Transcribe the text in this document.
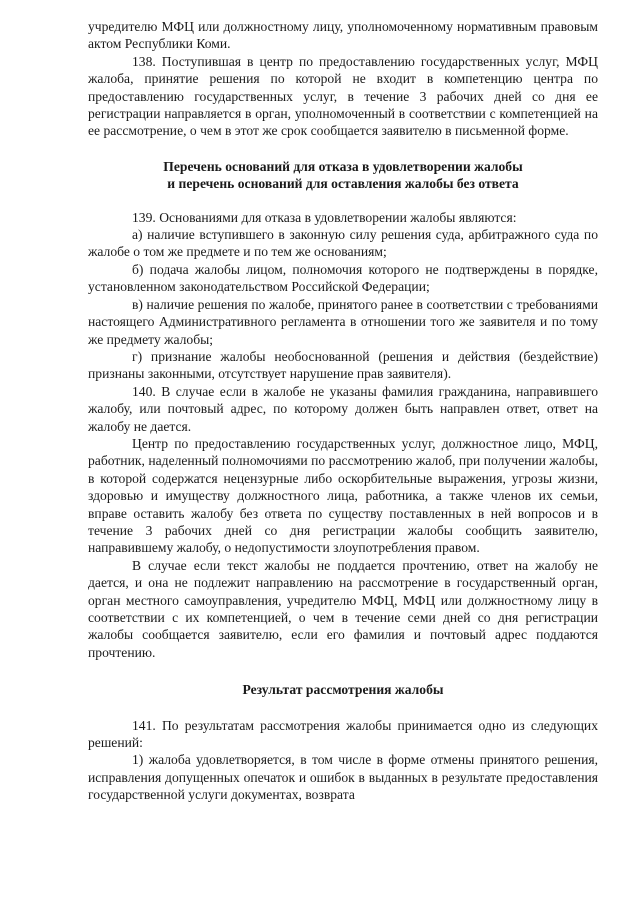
учредителю МФЦ или должностному лицу, уполномоченному нормативным правовым актом Республики Коми.

138. Поступившая в центр по предоставлению государственных услуг, МФЦ жалоба, принятие решения по которой не входит в компетенцию центра по предоставлению государственных услуг, в течение 3 рабочих дней со дня ее регистрации направляется в орган, уполномоченный в соответствии с компетенцией на ее рассмотрение, о чем в этот же срок сообщается заявителю в письменной форме.

Перечень оснований для отказа в удовлетворении жалобы
и перечень оснований для оставления жалобы без ответа

139. Основаниями для отказа в удовлетворении жалобы являются:

а) наличие вступившего в законную силу решения суда, арбитражного суда по жалобе о том же предмете и по тем же основаниям;

б) подача жалобы лицом, полномочия которого не подтверждены в порядке, установленном законодательством Российской Федерации;

в) наличие решения по жалобе, принятого ранее в соответствии с требованиями настоящего Административного регламента в отношении того же заявителя и по тому же предмету жалобы;

г) признание жалобы необоснованной (решения и действия (бездействие) признаны законными, отсутствует нарушение прав заявителя).

140. В случае если в жалобе не указаны фамилия гражданина, направившего жалобу, или почтовый адрес, по которому должен быть направлен ответ, ответ на жалобу не дается.

Центр по предоставлению государственных услуг, должностное лицо, МФЦ, работник, наделенный полномочиями по рассмотрению жалоб, при получении жалобы, в которой содержатся нецензурные либо оскорбительные выражения, угрозы жизни, здоровью и имуществу должностного лица, работника, а также членов их семьи, вправе оставить жалобу без ответа по существу поставленных в ней вопросов и в течение 3 рабочих дней со дня регистрации жалобы сообщить заявителю, направившему жалобу, о недопустимости злоупотребления правом.

В случае если текст жалобы не поддается прочтению, ответ на жалобу не дается, и она не подлежит направлению на рассмотрение в государственный орган, орган местного самоуправления, учредителю МФЦ, МФЦ или должностному лицу в соответствии с их компетенцией, о чем в течение семи дней со дня регистрации жалобы сообщается заявителю, если его фамилия и почтовый адрес поддаются прочтению.

Результат рассмотрения жалобы

141. По результатам рассмотрения жалобы принимается одно из следующих решений:

1) жалоба удовлетворяется, в том числе в форме отмены принятого решения, исправления допущенных опечаток и ошибок в выданных в результате предоставления государственной услуги документах, возврата
